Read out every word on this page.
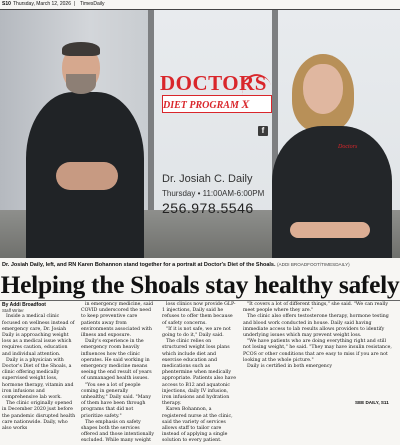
S10 Thursday, March 12, 2026 | TimesDaily
DOCTORS
DIET PROGRAM X
f
Dr. Josiah C. Daily
Thursday • 11:00AM-6:00PM
256.978.5546
Doctors
Dr. Josiah Daily, left, and RN Karen Bohannon stand together for a portrait at Doctor's Diet of the Shoals. (ADDI BROADFOOT/TIMESDAILY)
Helping the Shoals stay healthy safely

By Addi Broadfoot

Staff Writer

Inside a medical clinic focused on wellness instead of emergency care, Dr. Josiah Daily is approaching weight loss as a medical issue which requires caution, education and individual attention.

Daily is a physician with Doctor's Diet of the Shoals, a clinic offering medically supervised weight loss, hormone therapy, vitamin and iron infusions and comprehensive lab work.

The clinic originally opened in December 2020 just before the pandemic disrupted health care nationwide. Daily, who also works

in emergency medicine, said COVID underscored the need to keep preventive care patients away from environments associated with illness and exposure.

Daily's experience in the emergency room heavily influences how the clinic operates. He said working in emergency medicine means seeing the end result of years of unmanaged health issues.

"You see a lot of people coming in generally unhealthy," Daily said. "Many of them have been through programs that did not prioritize safety."

The emphasis on safety shapes both the services offered and those intentionally excluded. While many weight

loss clinics now provide GLP-1 injections, Daily said he refuses to offer them because of safety concerns.

"If it is not safe, we are not going to do it," Daily said.

The clinic relies on structured weight loss plans which include diet and exercise education and medications such as phentermine when medically appropriate. Patients also have access to B12 and aquatonic injections, daily IV infusion, iron infusions and hydration therapy.

Karen Bohannon, a registered nurse at the clinic, said the variety of services allows staff to tailor care instead of applying a single solution to every patient.

"It covers a lot of different things," she said. "We can really meet people where they are."

The clinic also offers testosterone therapy, hormone testing and blood work conducted in house. Daily said having immediate access to lab results allows providers to identify underlying issues which may prevent weight loss.

"We have patients who are doing everything right and still not losing weight," he said. "They may have insulin resistance, PCOS or other conditions that are easy to miss if you are not looking at the whole picture."

Daily is certified in both emergency

SEE DAILY, S11
